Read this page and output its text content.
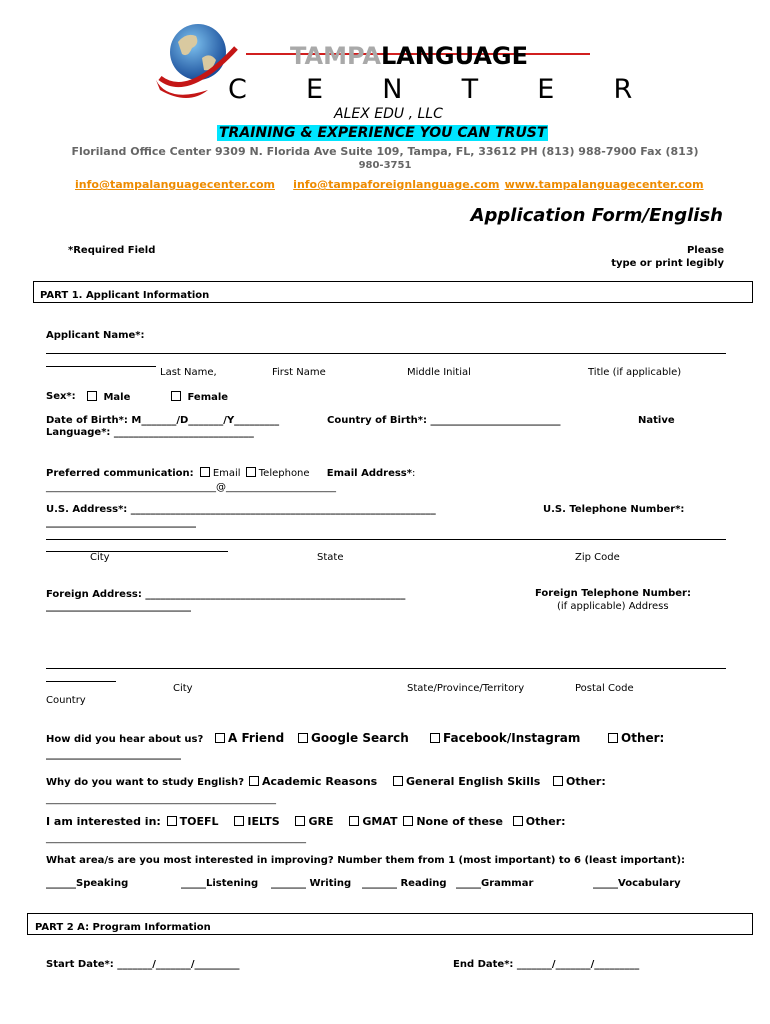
TAMPALANGUAGE
C  E  N  T  E  R
ALEX EDU , LLC
TRAINING & EXPERIENCE YOU CAN TRUST
Floriland Office Center 9309 N. Florida Ave Suite 109, Tampa, FL, 33612 PH (813) 988-7900 Fax (813)
980-3751
info@tampalanguagecenter.com info@tampaforeignlanguage.com www.tampalanguagecenter.com
Application Form/English
*Required Field	Please
type or print legibly
PART 1. Applicant Information
Applicant Name*:
Last Name,	First Name	Middle Initial	Title (if applicable)
Sex*:	Male	Female
Date of Birth*: M_______/D_______/Y_________	Country of Birth*: __________________________	Native
Language*: ____________________________
Preferred communication: Email Telephone Email Address*:
__________________________________@______________________
U.S. Address*: _____________________________________________________________	U.S. Telephone Number*:
______________________________
City	State	Zip Code
Foreign Address: ____________________________________________________	Foreign Telephone Number:
(if applicable) Address
_____________________________
City	State/Province/Territory	Postal Code
Country
How did you hear about us?	A Friend	Google Search	Facebook/Instagram	Other:
___________________________
Why do you want to study English?	Academic Reasons	General English Skills	Other:
______________________________________________
I am interested in: TOEFL	IELTS	GRE	GMAT None of these Other:
____________________________________________________
What area/s are you most interested in improving? Number them from 1 (most important) to 6 (least important):
______Speaking	_____Listening _______ Writing _______ Reading _____Grammar	_____Vocabulary
PART 2 A: Program Information
Start Date*: _______/_______/_________	End Date*: _______/_______/_________
